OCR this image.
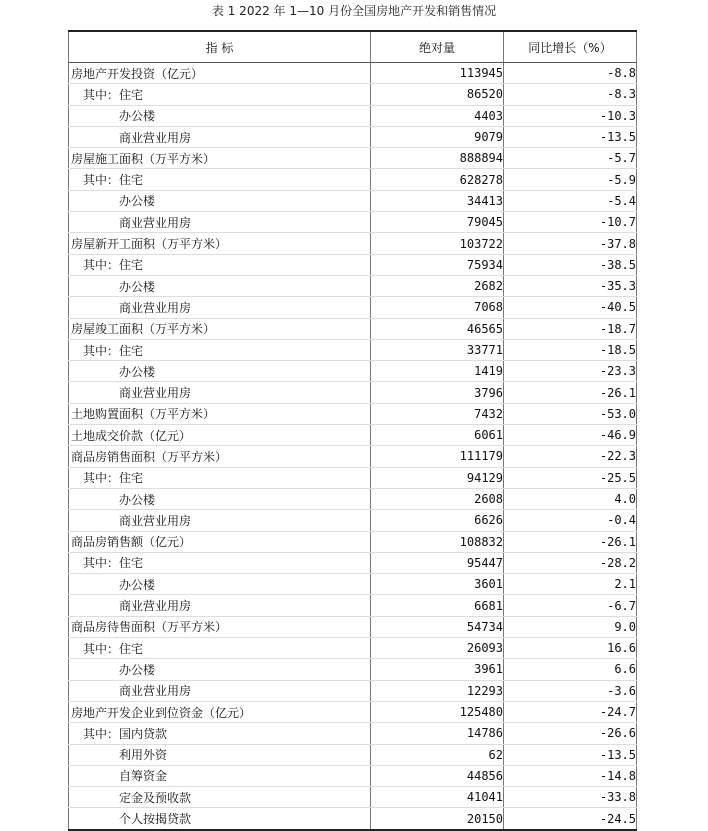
表 1 2022 年 1—10 月份全国房地产开发和销售情况
指 标	绝对量	同比增长（%）
房地产开发投资（亿元）	113945	-8.8
其中：住宅	86520	-8.3
办公楼	4403	-10.3
商业营业用房	9079	-13.5
房屋施工面积（万平方米）	888894	-5.7
其中：住宅	628278	-5.9
办公楼	34413	-5.4
商业营业用房	79045	-10.7
房屋新开工面积（万平方米）	103722	-37.8
其中：住宅	75934	-38.5
办公楼	2682	-35.3
商业营业用房	7068	-40.5
房屋竣工面积（万平方米）	46565	-18.7
其中：住宅	33771	-18.5
办公楼	1419	-23.3
商业营业用房	3796	-26.1
土地购置面积（万平方米）	7432	-53.0
土地成交价款（亿元）	6061	-46.9
商品房销售面积（万平方米）	111179	-22.3
其中：住宅	94129	-25.5
办公楼	2608	4.0
商业营业用房	6626	-0.4
商品房销售额（亿元）	108832	-26.1
其中：住宅	95447	-28.2
办公楼	3601	2.1
商业营业用房	6681	-6.7
商品房待售面积（万平方米）	54734	9.0
其中：住宅	26093	16.6
办公楼	3961	6.6
商业营业用房	12293	-3.6
房地产开发企业到位资金（亿元）	125480	-24.7
其中：国内贷款	14786	-26.6
利用外资	62	-13.5
自筹资金	44856	-14.8
定金及预收款	41041	-33.8
个人按揭贷款	20150	-24.5
